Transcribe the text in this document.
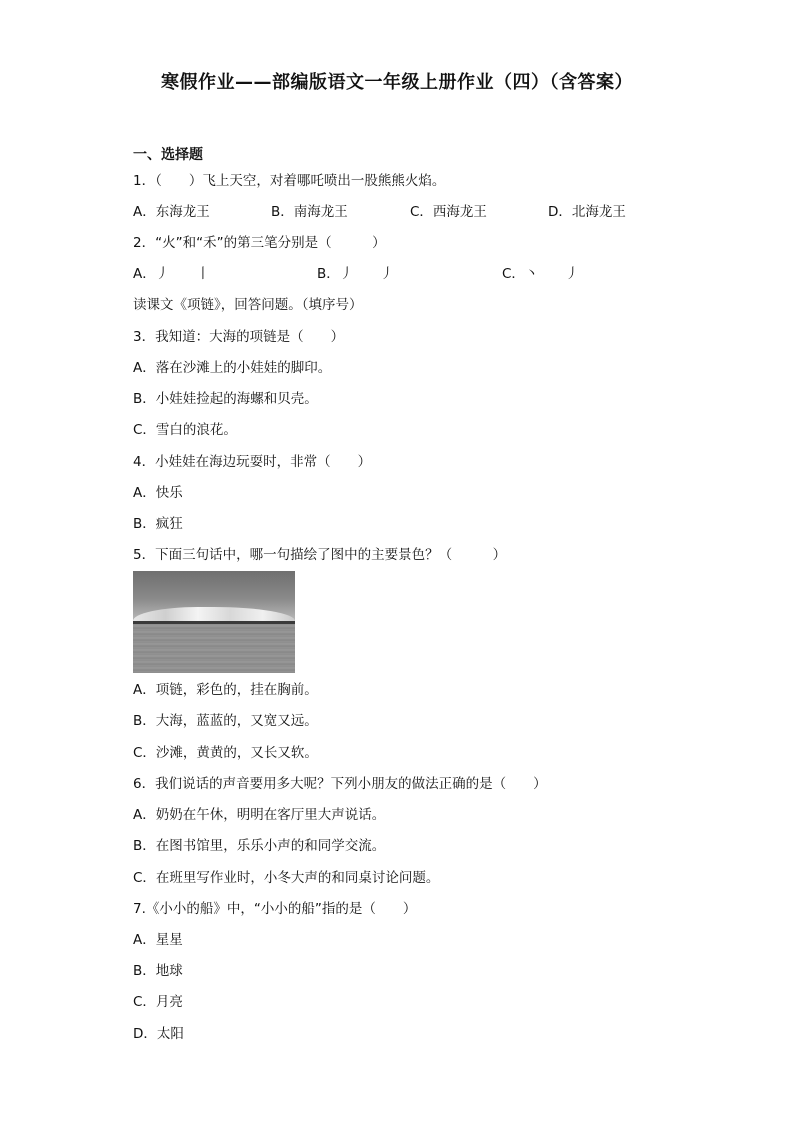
寒假作业——部编版语文一年级上册作业（四）（含答案）
一、选择题
1．（　　）飞上天空，对着哪吒喷出一股熊熊火焰。
A．东海龙王	B．南海龙王	C．西海龙王	D．北海龙王
2．“火”和“禾”的第三笔分别是（　　　）
A．丿　　丨	B．丿　　丿	C．丶　　丿
读课文《项链》，回答问题。（填序号）
3．我知道：大海的项链是（　　）
A．落在沙滩上的小娃娃的脚印。
B．小娃娃捡起的海螺和贝壳。
C．雪白的浪花。
4．小娃娃在海边玩耍时，非常（　　）
A．快乐
B．疯狂
5．下面三句话中，哪一句描绘了图中的主要景色？（　　　）
A．项链，彩色的，挂在胸前。
B．大海，蓝蓝的，又宽又远。
C．沙滩，黄黄的，又长又软。
6．我们说话的声音要用多大呢？下列小朋友的做法正确的是（　　）
A．奶奶在午休，明明在客厅里大声说话。
B．在图书馆里，乐乐小声的和同学交流。
C．在班里写作业时，小冬大声的和同桌讨论问题。
7.《小小的船》中，“小小的船”指的是（　　）
A．星星
B．地球
C．月亮
D．太阳
